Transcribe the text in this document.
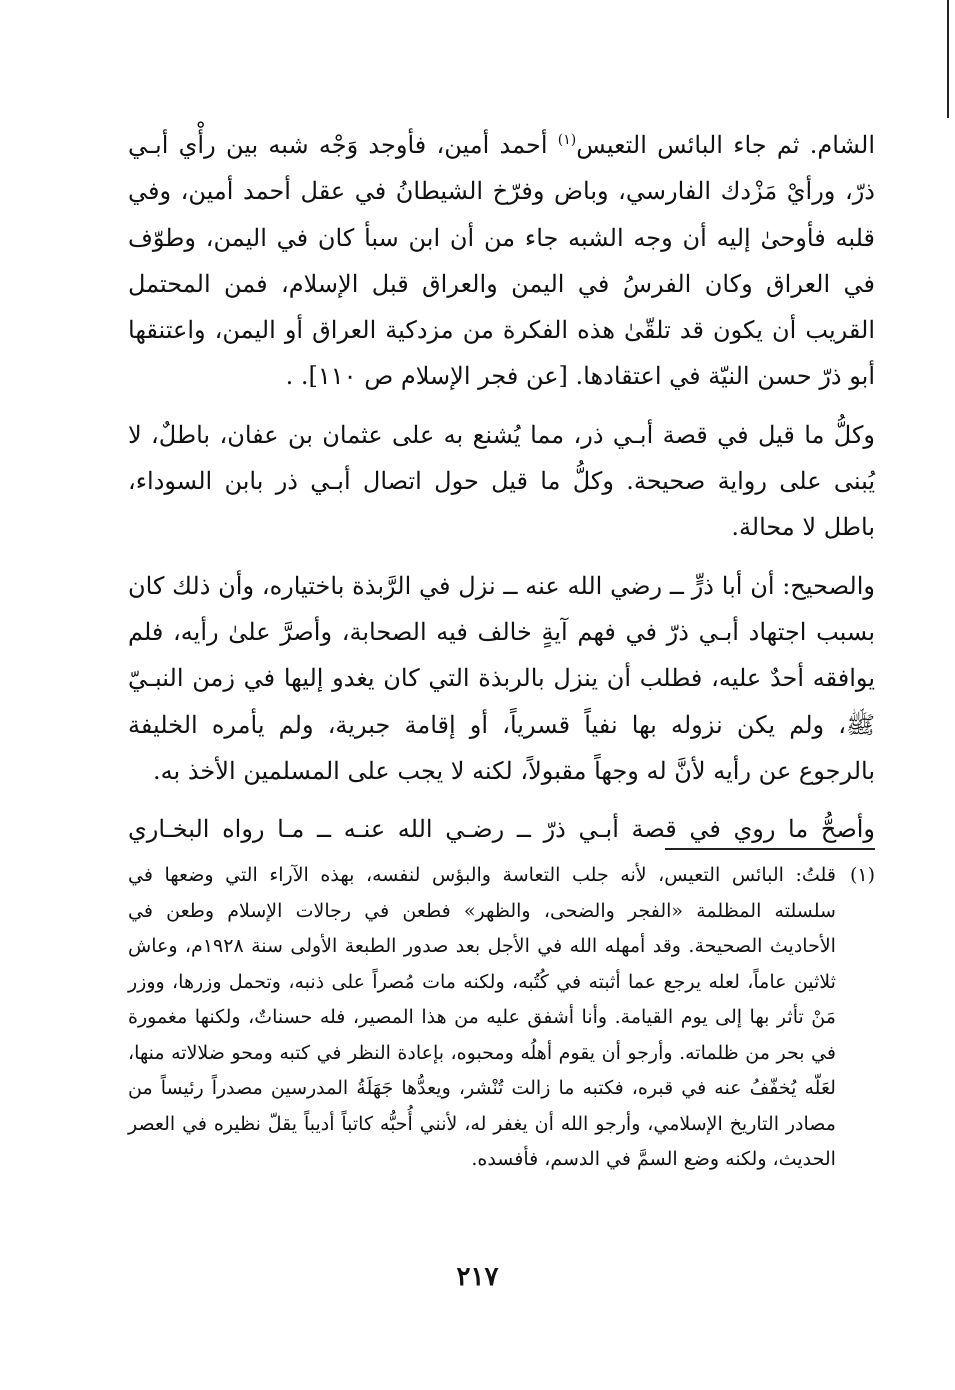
الشام. ثم جاء البائس التعيس$^{(١)}$ أحمد أمين، فأوجد وَجْه شبه بين رأْي أبـي ذرّ، ورأيْ مَزْدك الفارسي، وباض وفرّخ الشيطانُ في عقل أحمد أمين، وفي قلبه فأوحىٰ إليه أن وجه الشبه جاء من أن ابن سبأ كان في اليمن، وطوّف في العراق وكان الفرسُ في اليمن والعراق قبل الإسلام، فمن المحتمل القريب أن يكون قد تلقّىٰ هذه الفكرة من مزدكية العراق أو اليمن، واعتنقها أبو ذرّ حسن النيّة في اعتقادها. [عن فجر الإسلام ص ١١٠]. .

وكلُّ ما قيل في قصة أبـي ذر، مما يُشنع به على عثمان بن عفان، باطلٌ، لا يُبنى على رواية صحيحة. وكلُّ ما قيل حول اتصال أبـي ذر بابن السوداء، باطل لا محالة.

والصحيح: أن أبا ذرٍّ ــ رضي الله عنه ــ نزل في الرَّبذة باختياره، وأن ذلك كان بسبب اجتهاد أبـي ذرّ في فهم آيةٍ خالف فيه الصحابة، وأصرَّ علىٰ رأيه، فلم يوافقه أحدٌ عليه، فطلب أن ينزل بالربذة التي كان يغدو إليها في زمن النبـيّ ﷺ، ولم يكن نزوله بها نفياً قسرياً، أو إقامة جبرية، ولم يأمره الخليفة بالرجوع عن رأيه لأنَّ له وجهاً مقبولاً، لكنه لا يجب على المسلمين الأخذ به.

وأصحُّ ما روي في قصة أبـي ذرّ ــ رضـي الله عنـه ــ مـا رواه البخـاري

(١)

قلتُ: البائس التعيس، لأنه جلب التعاسة والبؤس لنفسه، بهذه الآراء التي وضعها في سلسلته المظلمة «الفجر والضحى، والظهر» فطعن في رجالات الإسلام وطعن في الأحاديث الصحيحة. وقد أمهله الله في الأجل بعد صدور الطبعة الأولى سنة ١٩٢٨م، وعاش ثلاثين عاماً، لعله يرجع عما أثبته في كُتُبه، ولكنه مات مُصراً على ذنبه، وتحمل وزرها، ووزر مَنْ تأثر بها إلى يوم القيامة. وأنا أشفق عليه من هذا المصير، فله حسناتٌ، ولكنها مغمورة في بحر من ظلماته. وأرجو أن يقوم أهلُه ومحبوه، بإعادة النظر في كتبه ومحو ضلالاته منها، لعَلّه يُخفّفُ عنه في قبره، فكتبه ما زالت تُنْشر، ويعدُّها جَهَلَةُ المدرسين مصدراً رئيساً من مصادر التاريخ الإسلامي، وأرجو الله أن يغفر له، لأنني أُحبُّه كاتباً أديباً يقلّ نظيره في العصر الحديث، ولكنه وضع السمَّ في الدسم، فأفسده.

٢١٧
